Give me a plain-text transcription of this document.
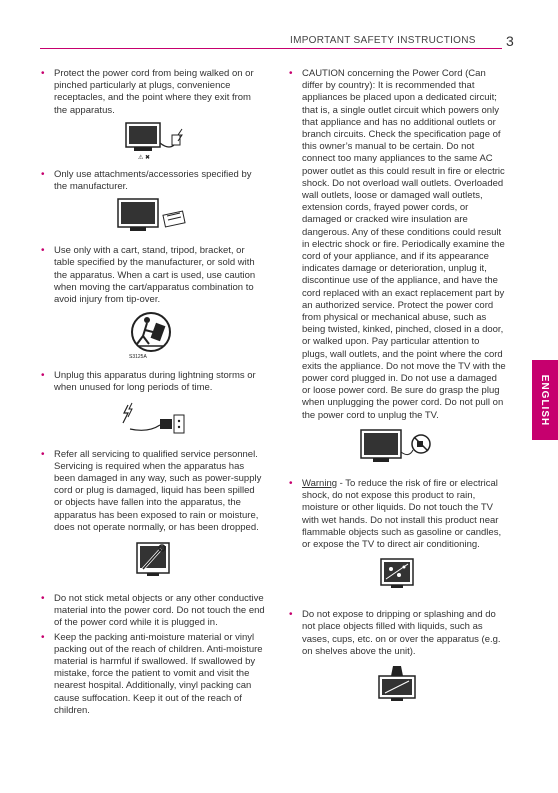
IMPORTANT SAFETY INSTRUCTIONS 3
ENGLISH
• Protect the power cord from being walked on or pinched particularly at plugs, convenience receptacles, and the point where they exit from the apparatus.
⚠ ✖
• Only use attachments/accessories specified by the manufacturer.
• Use only with a cart, stand, tripod, bracket, or table specified by the manufacturer, or sold with the apparatus. When a cart is used, use caution when moving the cart/apparatus combination to avoid injury from tip-over.
S3125A
• Unplug this apparatus during lightning storms or when unused for long periods of time.
• Refer all servicing to qualified service personnel. Servicing is required when the apparatus has been damaged in any way, such as power-supply cord or plug is damaged, liquid has been spilled or objects have fallen into the apparatus, the apparatus has been exposed to rain or moisture, does not operate normally, or has been dropped.
• Do not stick metal objects or any other conductive material into the power cord. Do not touch the end of the power cord while it is plugged in.
• Keep the packing anti-moisture material or vinyl packing out of the reach of children. Anti-moisture material is harmful if swallowed. If swallowed by mistake, force the patient to vomit and visit the nearest hospital. Additionally, vinyl packing can cause suffocation. Keep it out of the reach of children.
• CAUTION concerning the Power Cord (Can differ by country): It is recommended that appliances be placed upon a dedicated circuit; that is, a single outlet circuit which powers only that appliance and has no additional outlets or branch circuits. Check the specification page of this owner’s manual to be certain. Do not connect too many appliances to the same AC power outlet as this could result in fire or electric shock. Do not overload wall outlets. Overloaded wall outlets, loose or damaged wall outlets, extension cords, frayed power cords, or damaged or cracked wire insulation are dangerous. Any of these conditions could result in electric shock or fire. Periodically examine the cord of your appliance, and if its appearance indicates damage or deterioration, unplug it, discontinue use of the appliance, and have the cord replaced with an exact replacement part by an authorized service. Protect the power cord from physical or mechanical abuse, such as being twisted, kinked, pinched, closed in a door, or walked upon. Pay particular attention to plugs, wall outlets, and the point where the cord exits the appliance. Do not move the TV with the power cord plugged in. Do not use a damaged or loose power cord. Be sure do grasp the plug when unplugging the power cord. Do not pull on the power cord to unplug the TV.
• Warning - To reduce the risk of fire or electrical shock, do not expose this product to rain, moisture or other liquids. Do not touch the TV with wet hands. Do not install this product near flammable objects such as gasoline or candles, or expose the TV to direct air conditioning.
• Do not expose to dripping or splashing and do not place objects filled with liquids, such as vases, cups, etc. on or over the apparatus (e.g. on shelves above the unit).
